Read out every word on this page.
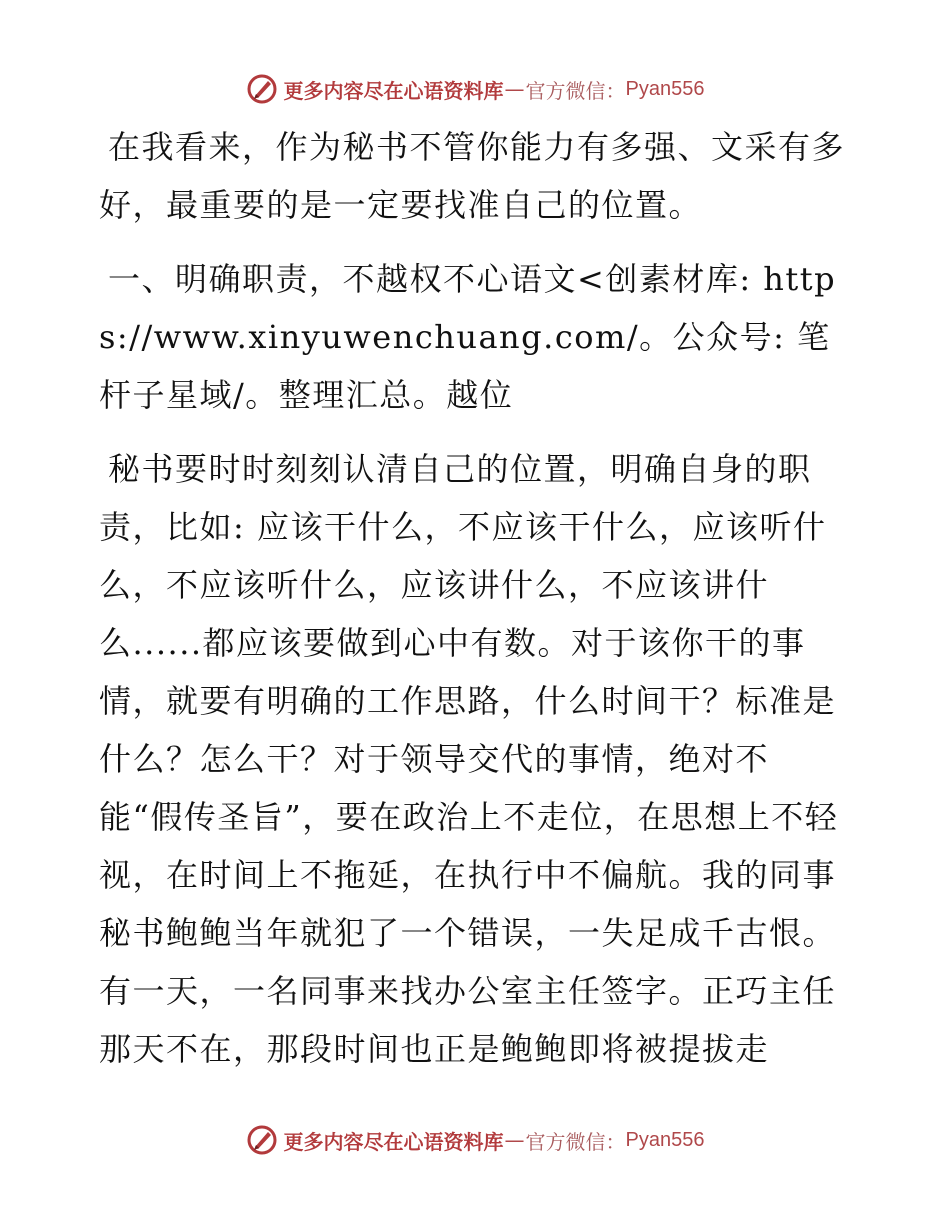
更多内容尽在心语资料库 — 官方微信： Pyan556

在我看来，作为秘书不管你能力有多强、文采有多好，最重要的是一定要找准自己的位置。

一、明确职责，不越权不心语文<创素材库: https://www.xinyuwenchuang.com/。公众号: 笔杆子星域/。整理汇总。越位

秘书要时时刻刻认清自己的位置，明确自身的职责，比如: 应该干什么，不应该干什么，应该听什么，不应该听什么，应该讲什么，不应该讲什么......都应该要做到心中有数。对于该你干的事情，就要有明确的工作思路，什么时间干？标准是什么？怎么干？对于领导交代的事情，绝对不能“假传圣旨”，要在政治上不走位，在思想上不轻视，在时间上不拖延，在执行中不偏航。我的同事秘书鲍鲍当年就犯了一个错误，一失足成千古恨。有一天，一名同事来找办公室主任签字。正巧主任那天不在，那段时间也正是鲍鲍即将被提拔走

更多内容尽在心语资料库 — 官方微信： Pyan556
